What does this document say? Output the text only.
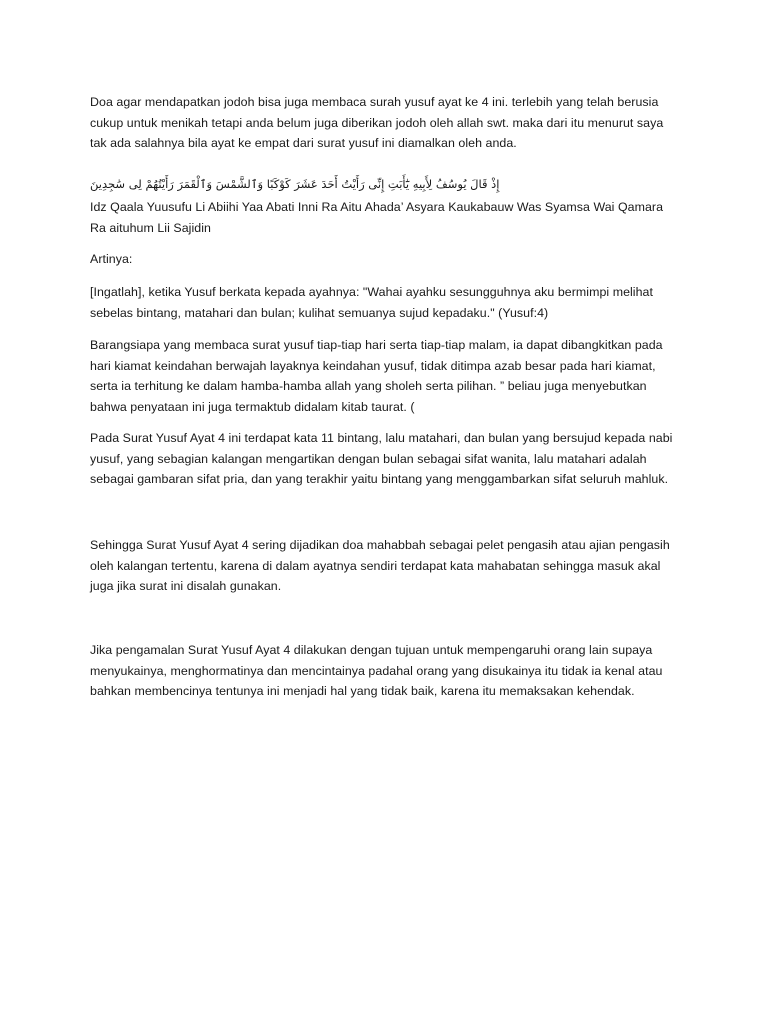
Doa agar mendapatkan jodoh bisa juga membaca surah yusuf ayat ke 4 ini. terlebih yang telah berusia cukup untuk menikah tetapi anda belum juga diberikan jodoh oleh allah swt. maka dari itu menurut saya tak ada salahnya bila ayat ke empat dari surat yusuf ini diamalkan oleh anda.

إِذْ قَالَ يُوسُفُ لِأَبِيهِ يَٰٓأَبَتِ إِنِّى رَأَيْتُ أَحَدَ عَشَرَ كَوْكَبًا وَٱلشَّمْسَ وَٱلْقَمَرَ رَأَيْتُهُمْ لِى سَٰجِدِينَ

Idz Qaala Yuusufu Li Abiihi Yaa Abati Inni Ra Aitu Ahada’ Asyara Kaukabauw Was Syamsa Wai Qamara Ra aituhum Lii Sajidin

Artinya:

[Ingatlah], ketika Yusuf berkata kepada ayahnya: "Wahai ayahku sesungguhnya aku bermimpi melihat sebelas bintang, matahari dan bulan; kulihat semuanya sujud kepadaku." (Yusuf:4)

Barangsiapa yang membaca surat yusuf tiap-tiap hari serta tiap-tiap malam, ia dapat dibangkitkan pada hari kiamat keindahan berwajah layaknya keindahan yusuf, tidak ditimpa azab besar pada hari kiamat, serta ia terhitung ke dalam hamba-hamba allah yang sholeh serta pilihan. ” beliau juga menyebutkan bahwa penyataan ini juga termaktub didalam kitab taurat. (

Pada Surat Yusuf Ayat 4 ini terdapat kata 11 bintang, lalu matahari, dan bulan yang bersujud kepada nabi yusuf, yang sebagian kalangan mengartikan dengan bulan sebagai sifat wanita, lalu matahari adalah sebagai gambaran sifat pria, dan yang terakhir yaitu bintang yang menggambarkan sifat seluruh mahluk.

Sehingga Surat Yusuf Ayat 4 sering dijadikan doa mahabbah sebagai pelet pengasih atau ajian pengasih oleh kalangan tertentu, karena di dalam ayatnya sendiri terdapat kata mahabatan sehingga masuk akal juga jika surat ini disalah gunakan.

Jika pengamalan Surat Yusuf Ayat 4 dilakukan dengan tujuan untuk mempengaruhi orang lain supaya menyukainya, menghormatinya dan mencintainya padahal orang yang disukainya itu tidak ia kenal atau bahkan membencinya tentunya ini menjadi hal yang tidak baik, karena itu memaksakan kehendak.
